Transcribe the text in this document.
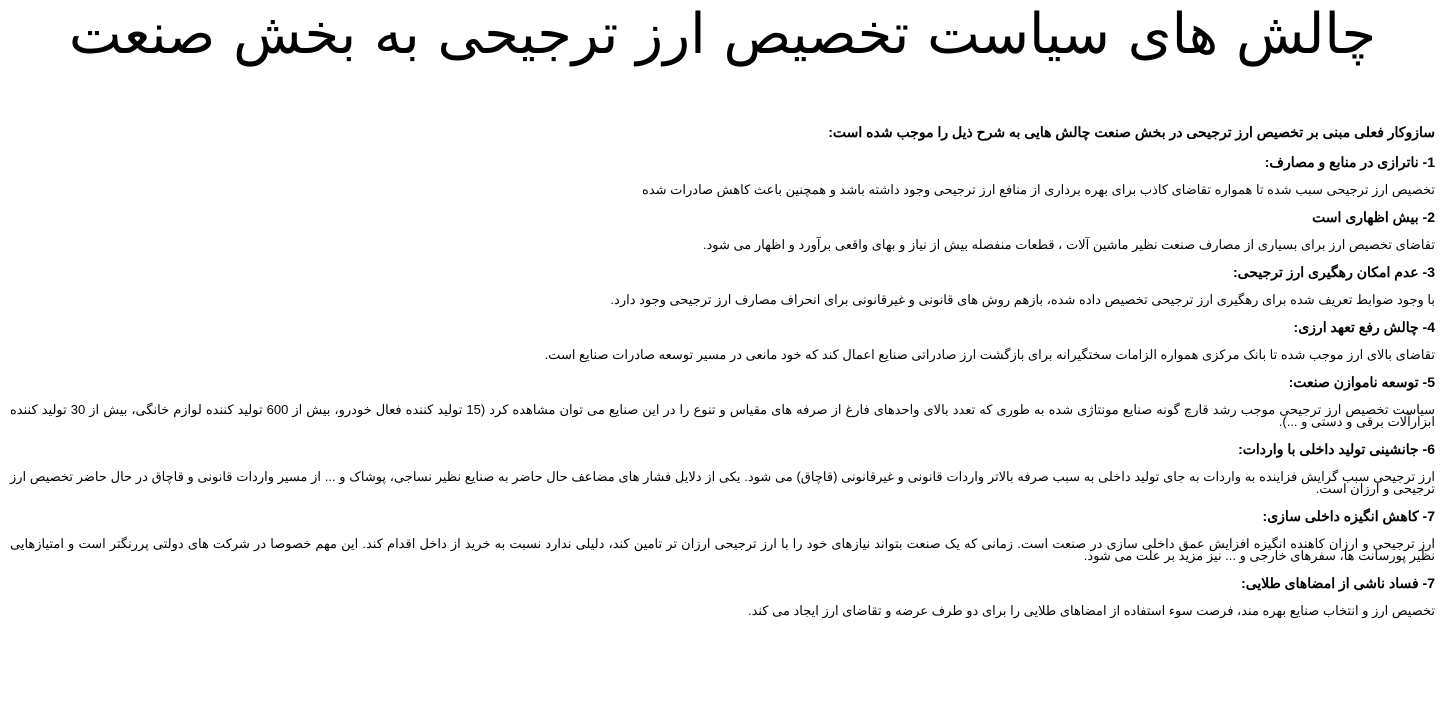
چالش های سیاست تخصیص ارز ترجیحی به بخش صنعت

سازوکار فعلی مبنی بر تخصیص ارز ترجیحی در بخش صنعت چالش هایی به شرح ذیل را موجب شده است:

1- ناترازی در منابع و مصارف:

تخصیص ارز ترجیحی سبب شده تا همواره تقاضای کاذب برای بهره برداری از منافع ارز ترجیحی وجود داشته باشد و همچنین باعث کاهش صادرات شده

2- بیش اظهاری است

تقاضای تخصیص ارز برای بسیاری از مصارف صنعت نظیر ماشین آلات ، قطعات منفصله بیش از نیاز و بهای واقعی برآورد و اظهار می شود.

3- عدم امکان رهگیری ارز ترجیحی:

با وجود ضوابط تعریف شده برای رهگیری ارز ترجیحی تخصیص داده شده، بازهم روش های قانونی و غیرقانونی برای انحراف مصارف ارز ترجیحی وجود دارد.

4- چالش رفع تعهد ارزی:

تقاضای بالای ارز موجب شده تا بانک مرکزی همواره الزامات سختگیرانه برای بازگشت ارز صادراتی صنایع اعمال کند که خود مانعی در مسیر توسعه صادرات صنایع است.

5- توسعه ناموازن صنعت:

سیاست تخصیص ارز ترجیحی موجب رشد قارچ گونه صنایع مونتاژی شده به طوری که تعدد بالای واحدهای فارغ از صرفه های مقیاس و تنوع را در این صنایع می توان مشاهده کرد (15 تولید کننده فعال خودرو، بیش از 600 تولید کننده لوازم خانگی، بیش از 30 تولید کننده ابزارآلات برقی و دستی و ...).

6- جانشینی تولید داخلی با واردات:

ارز ترجیحی سبب گرایش فزاینده به واردات به جای تولید داخلی به سبب صرفه بالاتر واردات قانونی و غیرقانونی (قاچاق) می شود. یکی از دلایل فشار های مضاعف حال حاضر به صنایع نظیر نساجی، پوشاک و ... از مسیر واردات قانونی و قاچاق در حال حاضر تخصیص ارز ترجیحی و ارزان است.

7- کاهش انگیزه داخلی سازی:

ارز ترجیحی و ارزان کاهنده انگیزه افزایش عمق داخلی سازی در صنعت است. زمانی که یک صنعت بتواند نیازهای خود را با ارز ترجیحی ارزان تر تامین کند، دلیلی ندارد نسبت به خرید از داخل اقدام کند. این مهم خصوصا در شرکت های دولتی پررنگتر است و امتیازهایی نظیر پورسانت ها، سفرهای خارجی و ... نیز مزید بر علت می شود.

7- فساد ناشی از امضاهای طلایی:

تخصیص ارز و انتخاب صنایع بهره مند، فرصت سوء استفاده از امضاهای طلایی را برای دو طرف عرضه و تقاضای ارز ایجاد می کند.
